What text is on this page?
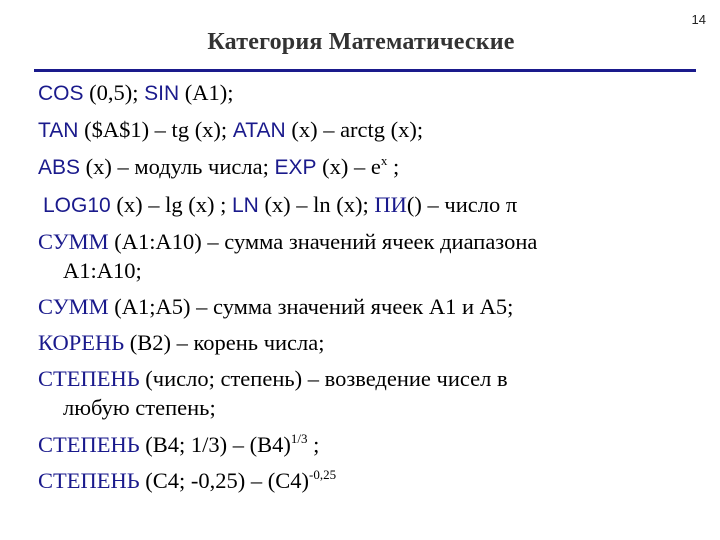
Категория Математические
14
COS (0,5); SIN (А1);
TAN ($A$1) – tg (x); ATAN (x) – arctg (x);
ABS (x) – модуль числа; EXP $(x) - e^x$ ;
LOG10 (x) – lg (x) ; LN (x) – ln (x); ПИ() – число π
СУММ (A1:A10) – сумма значений ячеек диапазона
A1:A10;
СУММ (A1;A5) – сумма значений ячеек А1 и А5;
КОРЕНЬ (B2) – корень числа;
СТЕПЕНЬ (число; степень) – возведение чисел в
любую степень;
СТЕПЕНЬ (B4; $1/3) - (B4)^{1/3}$ ;
СТЕПЕНЬ (C4; $-0,25) - (C4)^{-0,25}$
